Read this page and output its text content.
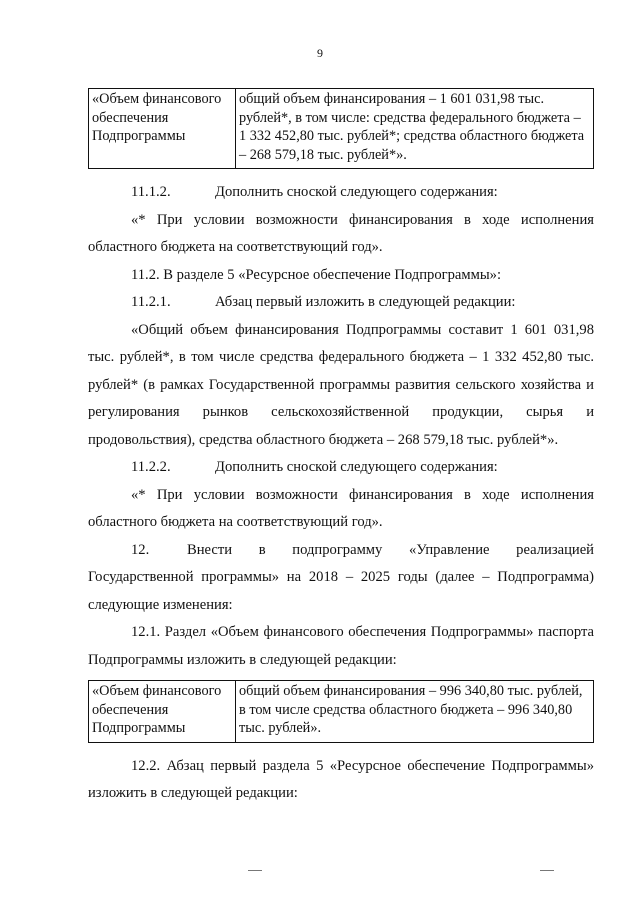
9
«Объем финансового обеспечения Подпрограммы	общий объем финансирования – 1 601 031,98 тыс. рублей*, в том числе: средства федерального бюджета – 1 332 452,80 тыс. рублей*; средства областного бюджета – 268 579,18 тыс. рублей*».

11.1.2.	Дополнить сноской следующего содержания:

«* При условии возможности финансирования в ходе исполнения областного бюджета на соответствующий год».

11.2. В разделе 5 «Ресурсное обеспечение Подпрограммы»:

11.2.1.	Абзац первый изложить в следующей редакции:

«Общий объем финансирования Подпрограммы составит 1 601 031,98 тыс. рублей*, в том числе средства федерального бюджета – 1 332 452,80 тыс. рублей* (в рамках Государственной программы развития сельского хозяйства и регулирования рынков сельскохозяйственной продукции, сырья и продовольствия), средства областного бюджета – 268 579,18 тыс. рублей*».

11.2.2.	Дополнить сноской следующего содержания:

«* При условии возможности финансирования в ходе исполнения областного бюджета на соответствующий год».

12.	Внести в подпрограмму «Управление реализацией Государственной программы» на 2018 – 2025 годы (далее – Подпрограмма) следующие изменения:

12.1. Раздел «Объем финансового обеспечения Подпрограммы» паспорта Подпрограммы изложить в следующей редакции:

«Объем финансового обеспечения Подпрограммы	общий объем финансирования – 996 340,80 тыс. рублей, в том числе средства областного бюджета – 996 340,80 тыс. рублей».

12.2. Абзац первый раздела 5 «Ресурсное обеспечение Подпрограммы» изложить в следующей редакции:
